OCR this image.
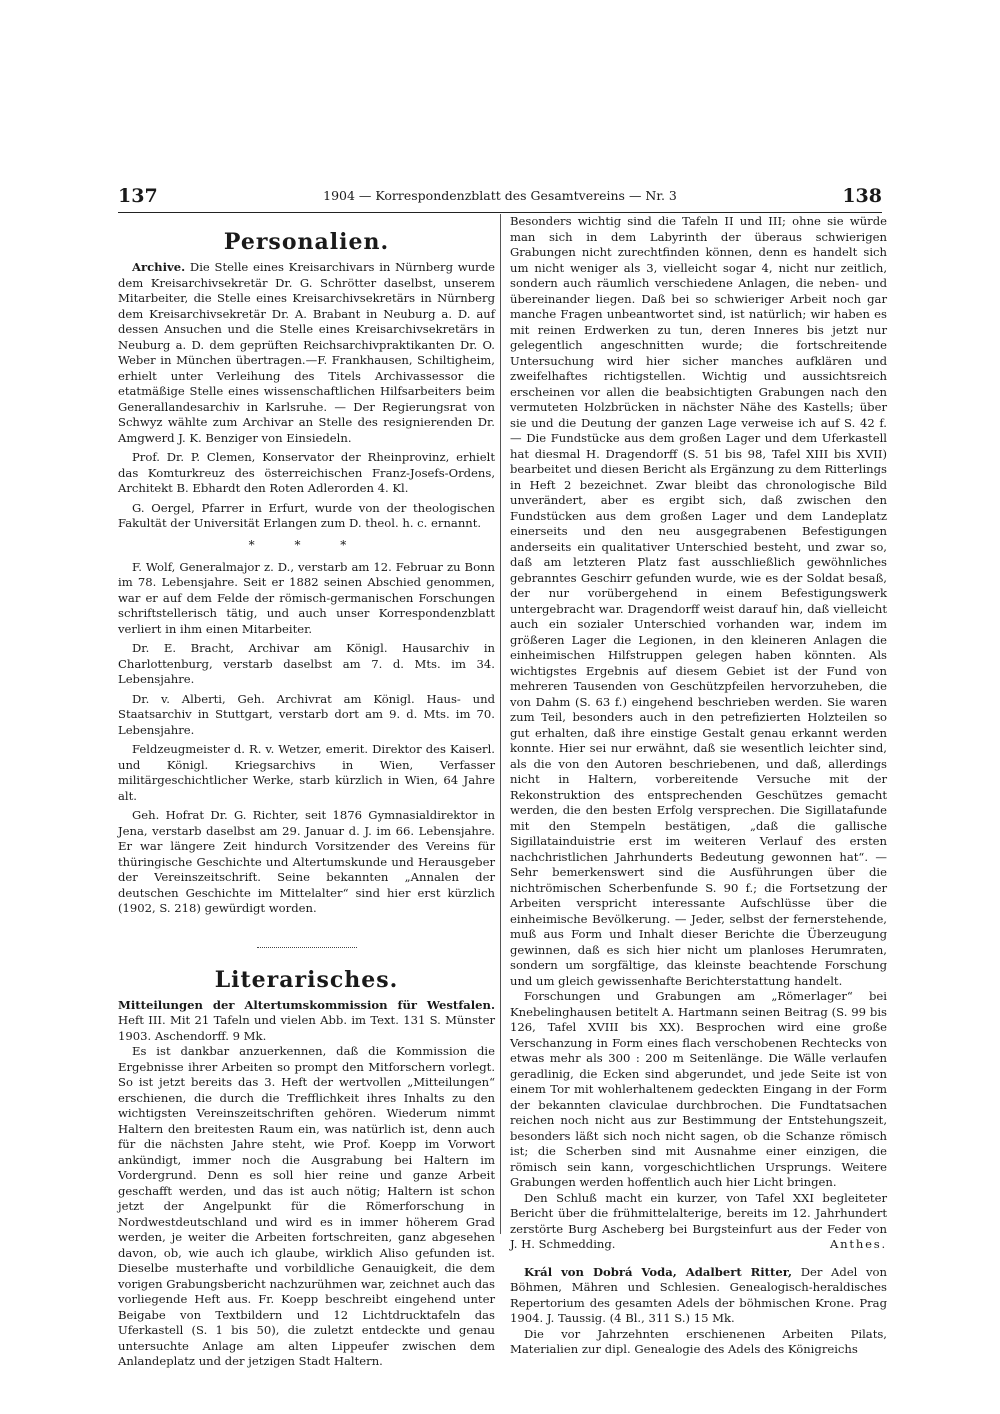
137	1904 — Korrespondenzblatt des Gesamtvereins — Nr. 3	138
Personalien.

Archive. Die Stelle eines Kreisarchivars in Nürnberg wurde dem Kreisarchivsekretär Dr. G. Schrötter daselbst, unserem Mitarbeiter, die Stelle eines Kreisarchivsekretärs in Nürnberg dem Kreisarchivsekretär Dr. A. Brabant in Neuburg a. D. auf dessen Ansuchen und die Stelle eines Kreisarchivsekretärs in Neuburg a. D. dem geprüften Reichsarchivpraktikanten Dr. O. Weber in München übertragen.—F. Frankhausen, Schiltigheim, erhielt unter Verleihung des Titels Archivassessor die etatmäßige Stelle eines wissenschaftlichen Hilfsarbeiters beim Generallandesarchiv in Karlsruhe. — Der Regierungsrat von Schwyz wählte zum Archivar an Stelle des resignierenden Dr. Amgwerd J. K. Benziger von Einsiedeln.

Prof. Dr. P. Clemen, Konservator der Rheinprovinz, erhielt das Komturkreuz des österreichischen Franz-Josefs-Ordens, Architekt B. Ebhardt den Roten Adlerorden 4. Kl.

G. Oergel, Pfarrer in Erfurt, wurde von der theologischen Fakultät der Universität Erlangen zum D. theol. h. c. ernannt.

* * *

F. Wolf, Generalmajor z. D., verstarb am 12. Februar zu Bonn im 78. Lebensjahre. Seit er 1882 seinen Abschied genommen, war er auf dem Felde der römisch-germanischen Forschungen schriftstellerisch tätig, und auch unser Korrespondenzblatt verliert in ihm einen Mitarbeiter.

Dr. E. Bracht, Archivar am Königl. Hausarchiv in Charlottenburg, verstarb daselbst am 7. d. Mts. im 34. Lebensjahre.

Dr. v. Alberti, Geh. Archivrat am Königl. Haus- und Staatsarchiv in Stuttgart, verstarb dort am 9. d. Mts. im 70. Lebensjahre.

Feldzeugmeister d. R. v. Wetzer, emerit. Direktor des Kaiserl. und Königl. Kriegsarchivs in Wien, Verfasser militärgeschichtlicher Werke, starb kürzlich in Wien, 64 Jahre alt.

Geh. Hofrat Dr. G. Richter, seit 1876 Gymnasialdirektor in Jena, verstarb daselbst am 29. Januar d. J. im 66. Lebensjahre. Er war längere Zeit hindurch Vorsitzender des Vereins für thüringische Geschichte und Altertumskunde und Herausgeber der Vereinszeitschrift. Seine bekannten „Annalen der deutschen Geschichte im Mittelalter“ sind hier erst kürzlich (1902, S. 218) gewürdigt worden.

Literarisches.

Mitteilungen der Altertumskommission für Westfalen. Heft III. Mit 21 Tafeln und vielen Abb. im Text. 131 S. Münster 1903. Aschendorff. 9 Mk.

Es ist dankbar anzuerkennen, daß die Kommission die Ergebnisse ihrer Arbeiten so prompt den Mitforschern vorlegt. So ist jetzt bereits das 3. Heft der wertvollen „Mitteilungen“ erschienen, die durch die Trefflichkeit ihres Inhalts zu den wichtigsten Vereinszeitschriften gehören. Wiederum nimmt Haltern den breitesten Raum ein, was natürlich ist, denn auch für die nächsten Jahre steht, wie Prof. Koepp im Vorwort ankündigt, immer noch die Ausgrabung bei Haltern im Vordergrund. Denn es soll hier reine und ganze Arbeit geschafft werden, und das ist auch nötig; Haltern ist schon jetzt der Angelpunkt für die Römerforschung in Nordwestdeutschland und wird es in immer höherem Grad werden, je weiter die Arbeiten fortschreiten, ganz abgesehen davon, ob, wie auch ich glaube, wirklich Aliso gefunden ist. Dieselbe musterhafte und vorbildliche Genauigkeit, die dem vorigen Grabungsbericht nachzurühmen war, zeichnet auch das vorliegende Heft aus. Fr. Koepp beschreibt eingehend unter Beigabe von Textbildern und 12 Lichtdrucktafeln das Uferkastell (S. 1 bis 50), die zuletzt entdeckte und genau untersuchte Anlage am alten Lippeufer zwischen dem Anlandeplatz und der jetzigen Stadt Haltern.

Besonders wichtig sind die Tafeln II und III; ohne sie würde man sich in dem Labyrinth der überaus schwierigen Grabungen nicht zurechtfinden können, denn es handelt sich um nicht weniger als 3, vielleicht sogar 4, nicht nur zeitlich, sondern auch räumlich verschiedene Anlagen, die neben- und übereinander liegen. Daß bei so schwieriger Arbeit noch gar manche Fragen unbeantwortet sind, ist natürlich; wir haben es mit reinen Erdwerken zu tun, deren Inneres bis jetzt nur gelegentlich angeschnitten wurde; die fortschreitende Untersuchung wird hier sicher manches aufklären und zweifelhaftes richtigstellen. Wichtig und aussichtsreich erscheinen vor allen die beabsichtigten Grabungen nach den vermuteten Holzbrücken in nächster Nähe des Kastells; über sie und die Deutung der ganzen Lage verweise ich auf S. 42 f. — Die Fundstücke aus dem großen Lager und dem Uferkastell hat diesmal H. Dragendorff (S. 51 bis 98, Tafel XIII bis XVII) bearbeitet und diesen Bericht als Ergänzung zu dem Ritterlings in Heft 2 bezeichnet. Zwar bleibt das chronologische Bild unverändert, aber es ergibt sich, daß zwischen den Fundstücken aus dem großen Lager und dem Landeplatz einerseits und den neu ausgegrabenen Befestigungen anderseits ein qualitativer Unterschied besteht, und zwar so, daß am letzteren Platz fast ausschließlich gewöhnliches gebranntes Geschirr gefunden wurde, wie es der Soldat besaß, der nur vorübergehend in einem Befestigungswerk untergebracht war. Dragendorff weist darauf hin, daß vielleicht auch ein sozialer Unterschied vorhanden war, indem im größeren Lager die Legionen, in den kleineren Anlagen die einheimischen Hilfstruppen gelegen haben könnten. Als wichtigstes Ergebnis auf diesem Gebiet ist der Fund von mehreren Tausenden von Geschützpfeilen hervorzuheben, die von Dahm (S. 63 f.) eingehend beschrieben werden. Sie waren zum Teil, besonders auch in den petrefizierten Holzteilen so gut erhalten, daß ihre einstige Gestalt genau erkannt werden konnte. Hier sei nur erwähnt, daß sie wesentlich leichter sind, als die von den Autoren beschriebenen, und daß, allerdings nicht in Haltern, vorbereitende Versuche mit der Rekonstruktion des entsprechenden Geschützes gemacht werden, die den besten Erfolg versprechen. Die Sigillatafunde mit den Stempeln bestätigen, „daß die gallische Sigillatainduistrie erst im weiteren Verlauf des ersten nachchristlichen Jahrhunderts Bedeutung gewonnen hat“. — Sehr bemerkenswert sind die Ausführungen über die nichtrömischen Scherbenfunde S. 90 f.; die Fortsetzung der Arbeiten verspricht interessante Aufschlüsse über die einheimische Bevölkerung. — Jeder, selbst der fernerstehende, muß aus Form und Inhalt dieser Berichte die Überzeugung gewinnen, daß es sich hier nicht um planloses Herumraten, sondern um sorgfältige, das kleinste beachtende Forschung und um gleich gewissenhafte Berichterstattung handelt.

Forschungen und Grabungen am „Römerlager“ bei Knebelinghausen betitelt A. Hartmann seinen Beitrag (S. 99 bis 126, Tafel XVIII bis XX). Besprochen wird eine große Verschanzung in Form eines flach verschobenen Rechtecks von etwas mehr als 300 : 200 m Seitenlänge. Die Wälle verlaufen geradlinig, die Ecken sind abgerundet, und jede Seite ist von einem Tor mit wohlerhaltenem gedeckten Eingang in der Form der bekannten claviculae durchbrochen. Die Fundtatsachen reichen noch nicht aus zur Bestimmung der Entstehungszeit, besonders läßt sich noch nicht sagen, ob die Schanze römisch ist; die Scherben sind mit Ausnahme einer einzigen, die römisch sein kann, vorgeschichtlichen Ursprungs. Weitere Grabungen werden hoffentlich auch hier Licht bringen.

Den Schluß macht ein kurzer, von Tafel XXI begleiteter Bericht über die frühmittelalterige, bereits im 12. Jahrhundert zerstörte Burg Ascheberg bei Burgsteinfurt aus der Feder von J. H. Schmedding.	Anthes.

Král von Dobrá Voda, Adalbert Ritter, Der Adel von Böhmen, Mähren und Schlesien. Genealogisch-heraldisches Repertorium des gesamten Adels der böhmischen Krone. Prag 1904. J. Taussig. (4 Bl., 311 S.) 15 Mk.

Die vor Jahrzehnten erschienenen Arbeiten Pilats, Materialien zur dipl. Genealogie des Adels des Königreichs
